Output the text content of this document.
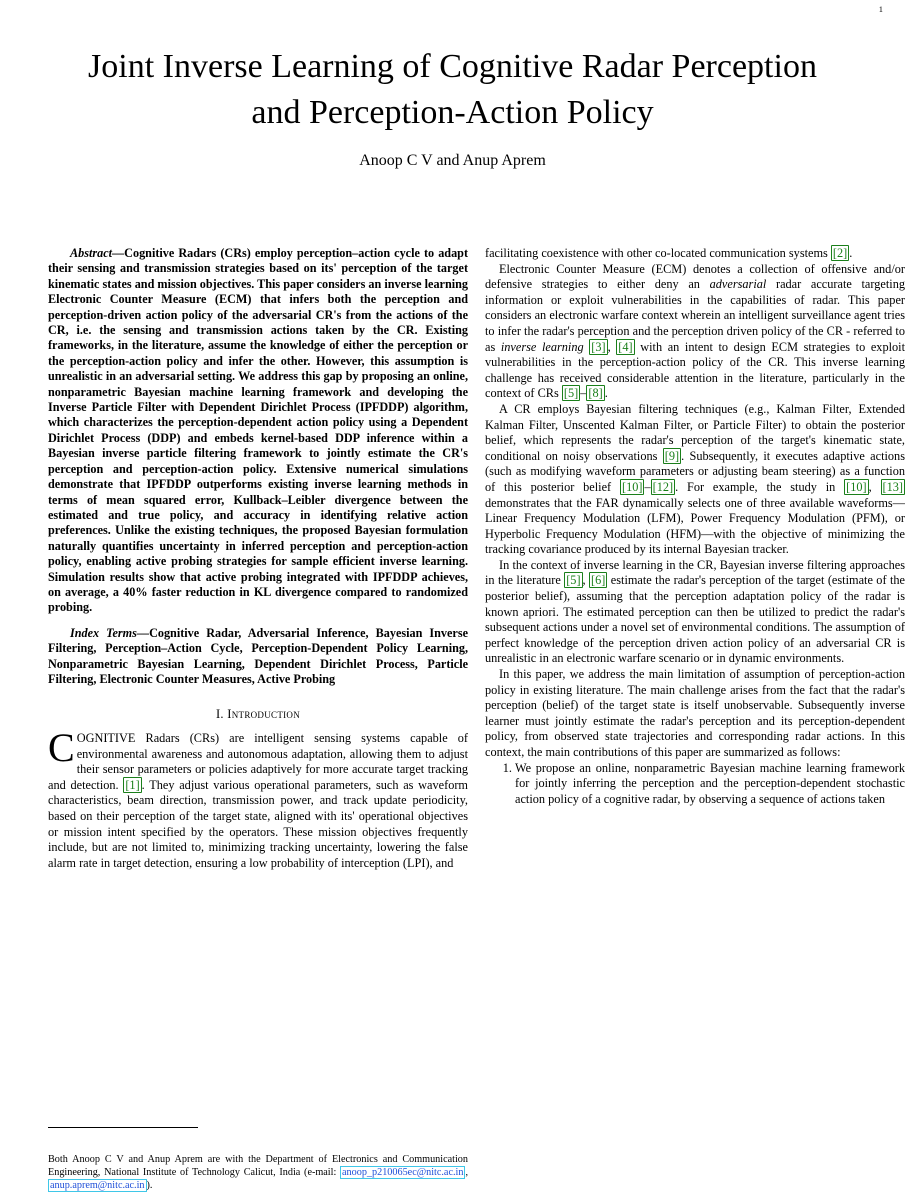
1
Joint Inverse Learning of Cognitive Radar Perception and Perception-Action Policy
Anoop C V and Anup Aprem

Abstract—Cognitive Radars (CRs) employ perception–action cycle to adapt their sensing and transmission strategies based on its' perception of the target kinematic states and mission objectives. This paper considers an inverse learning Electronic Counter Measure (ECM) that infers both the perception and perception-driven action policy of the adversarial CR's from the actions of the CR, i.e. the sensing and transmission actions taken by the CR. Existing frameworks, in the literature, assume the knowledge of either the perception or the perception-action policy and infer the other. However, this assumption is unrealistic in an adversarial setting. We address this gap by proposing an online, nonparametric Bayesian machine learning framework and developing the Inverse Particle Filter with Dependent Dirichlet Process (IPFDDP) algorithm, which characterizes the perception-dependent action policy using a Dependent Dirichlet Process (DDP) and embeds kernel-based DDP inference within a Bayesian inverse particle filtering framework to jointly estimate the CR's perception and perception-action policy. Extensive numerical simulations demonstrate that IPFDDP outperforms existing inverse learning methods in terms of mean squared error, Kullback–Leibler divergence between the estimated and true policy, and accuracy in identifying relative action preferences. Unlike the existing techniques, the proposed Bayesian formulation naturally quantifies uncertainty in inferred perception and perception-action policy, enabling active probing strategies for sample efficient inverse learning. Simulation results show that active probing integrated with IPFDDP achieves, on average, a 40% faster reduction in KL divergence compared to randomized probing.

Index Terms—Cognitive Radar, Adversarial Inference, Bayesian Inverse Filtering, Perception–Action Cycle, Perception-Dependent Policy Learning, Nonparametric Bayesian Learning, Dependent Dirichlet Process, Particle Filtering, Electronic Counter Measures, Active Probing

I. Introduction

COGNITIVE Radars (CRs) are intelligent sensing systems capable of environmental awareness and autonomous adaptation, allowing them to adjust their sensor parameters or policies adaptively for more accurate target tracking and detection. [1] . They adjust various operational parameters, such as waveform characteristics, beam direction, transmission power, and track update periodicity, based on their perception of the target state, aligned with its' operational objectives or mission intent specified by the operators. These mission objectives frequently include, but are not limited to, minimizing tracking uncertainty, lowering the false alarm rate in target detection, ensuring a low probability of interception (LPI), and

facilitating coexistence with other co-located communication systems [2] .

Electronic Counter Measure (ECM) denotes a collection of offensive and/or defensive strategies to either deny an adversarial radar accurate targeting information or exploit vulnerabilities in the capabilities of radar. This paper considers an electronic warfare context wherein an intelligent surveillance agent tries to infer the radar's perception and the perception driven policy of the CR - referred to as inverse learning [3] , [4] with an intent to design ECM strategies to exploit vulnerabilities in the perception-action policy of the CR. This inverse learning challenge has received considerable attention in the literature, particularly in the context of CRs [5] – [8] .

A CR employs Bayesian filtering techniques (e.g., Kalman Filter, Extended Kalman Filter, Unscented Kalman Filter, or Particle Filter) to obtain the posterior belief, which represents the radar's perception of the target's kinematic state, conditional on noisy observations [9] . Subsequently, it executes adaptive actions (such as modifying waveform parameters or adjusting beam steering) as a function of this posterior belief [10] – [12] . For example, the study in [10] , [13] demonstrates that the FAR dynamically selects one of three available waveforms—Linear Frequency Modulation (LFM), Power Frequency Modulation (PFM), or Hyperbolic Frequency Modulation (HFM)—with the objective of minimizing the tracking covariance produced by its internal Bayesian tracker.

In the context of inverse learning in the CR, Bayesian inverse filtering approaches in the literature [5] , [6] estimate the radar's perception of the target (estimate of the posterior belief), assuming that the perception adaptation policy of the radar is known apriori. The estimated perception can then be utilized to predict the radar's subsequent actions under a novel set of environmental conditions. The assumption of perfect knowledge of the perception driven action policy of an adversarial CR is unrealistic in an electronic warfare scenario or in dynamic environments.

In this paper, we address the main limitation of assumption of perception-action policy in existing literature. The main challenge arises from the fact that the radar's perception (belief) of the target state is itself unobservable. Subsequently inverse learner must jointly estimate the radar's perception and its perception-dependent policy, from observed state trajectories and corresponding radar actions. In this context, the main contributions of this paper are summarized as follows:

1. We propose an online, nonparametric Bayesian machine learning framework for jointly inferring the perception and the perception-dependent stochastic action policy of a cognitive radar, by observing a sequence of actions taken
Both Anoop C V and Anup Aprem are with the Department of Electronics and Communication Engineering, National Institute of Technology Calicut, India (e-mail: anoop_p210065ec@nitc.ac.in , anup.aprem@nitc.ac.in ).
